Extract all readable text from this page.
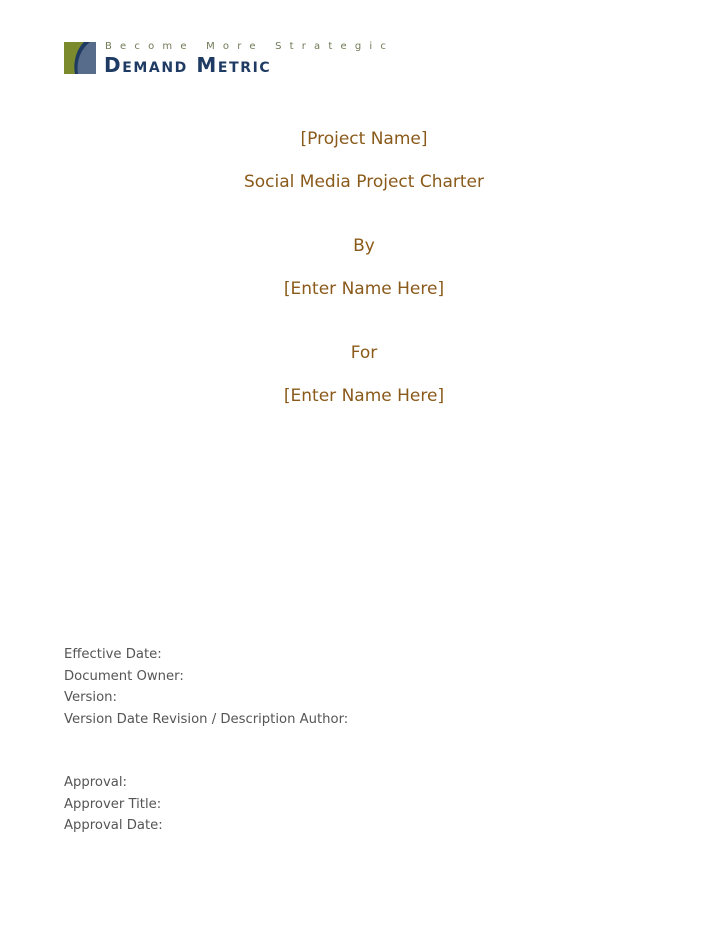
Become More Strategic
Demand Metric
[Project Name]
Social Media Project Charter
By
[Enter Name Here]
For
[Enter Name Here]
Effective Date:
Document Owner:
Version:
Version Date Revision / Description Author:
Approval:
Approver Title:
Approval Date:
